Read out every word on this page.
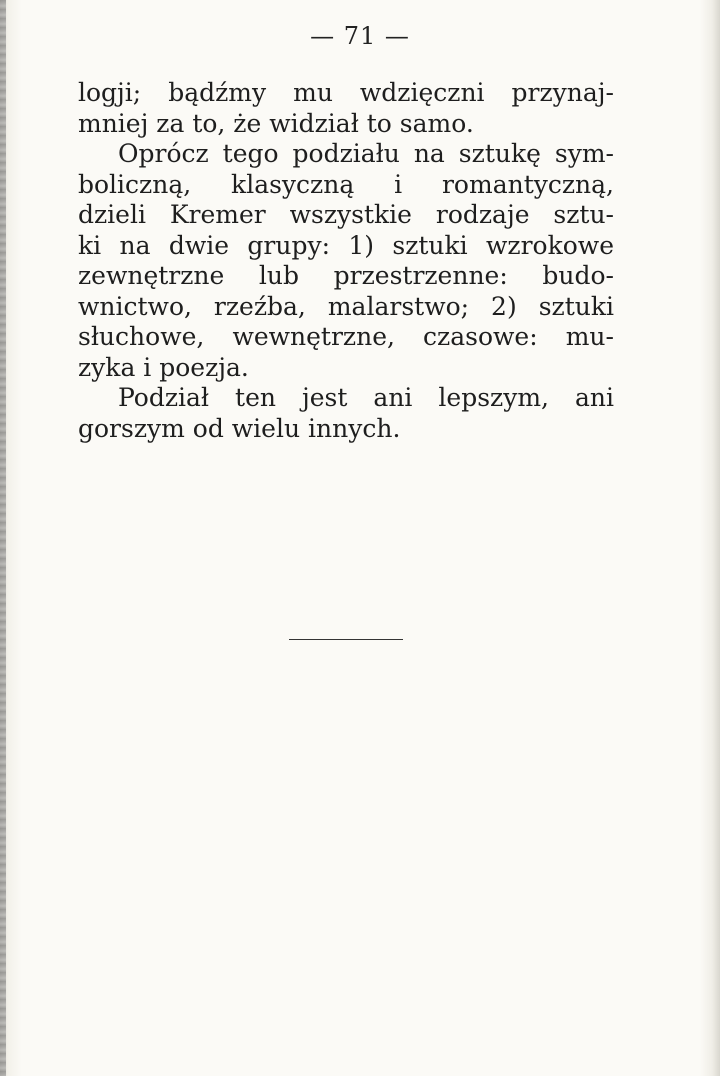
— 71 —
logji; bądźmy mu wdzięczni przynaj-
mniej za to, że widział to samo.
Oprócz tego podziału na sztukę sym-
boliczną, klasyczną i romantyczną,
dzieli Kremer wszystkie rodzaje sztu-
ki na dwie grupy: 1) sztuki wzrokowe
zewnętrzne lub przestrzenne: budo-
wnictwo, rzeźba, malarstwo; 2) sztuki
słuchowe, wewnętrzne, czasowe: mu-
zyka i poezja.
Podział ten jest ani lepszym, ani
gorszym od wielu innych.
